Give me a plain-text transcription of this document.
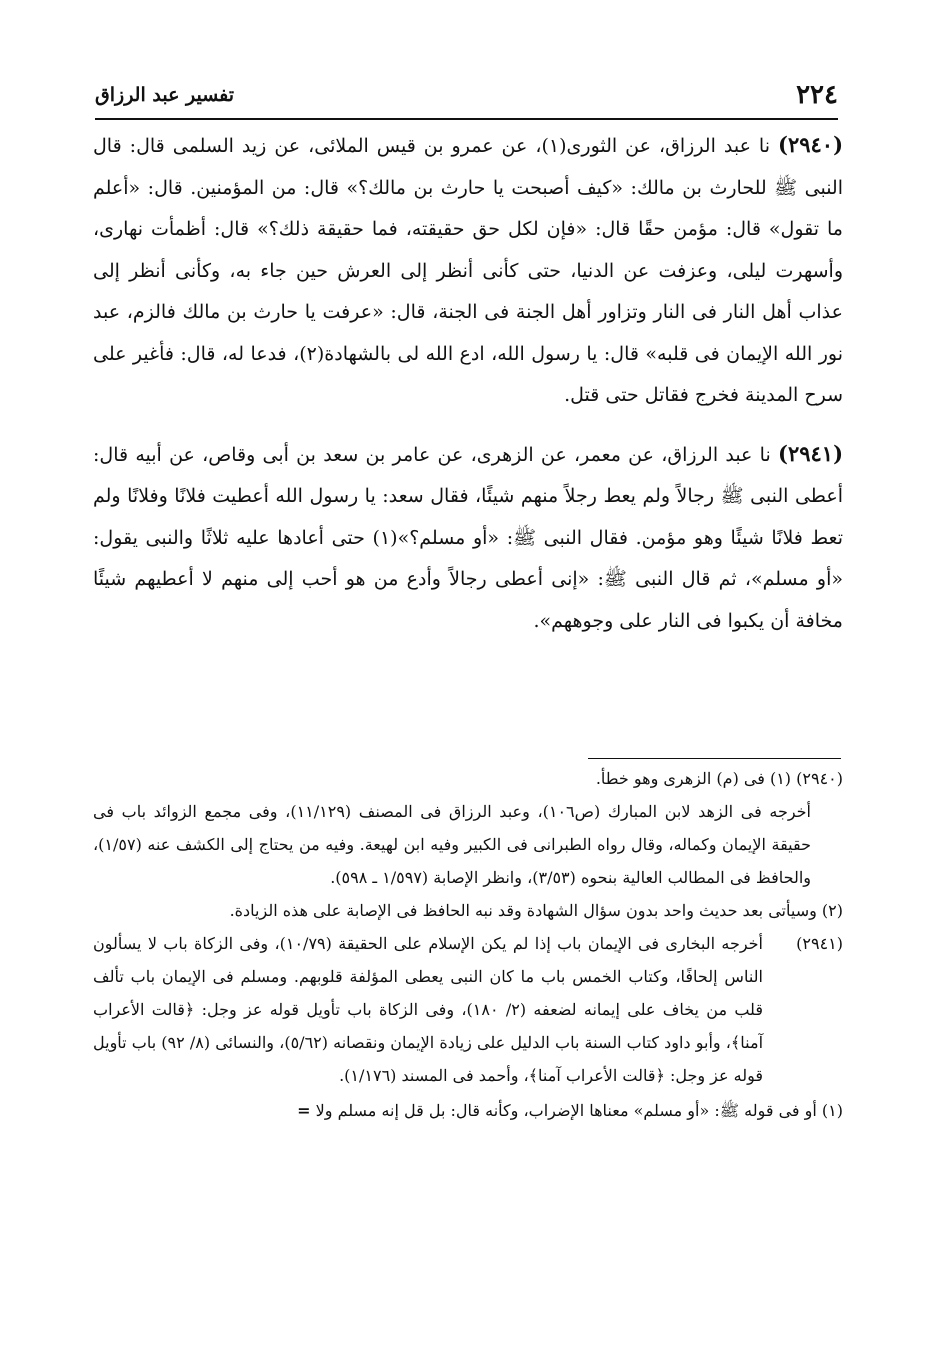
٢٢٤
تفسير عبد الرزاق

(٢٩٤٠) نا عبد الرزاق، عن الثورى(١)، عن عمرو بن قيس الملائى، عن زيد السلمى قال: قال النبى ﷺ للحارث بن مالك: «كيف أصبحت يا حارث بن مالك؟» قال: من المؤمنين. قال: «أعلم ما تقول» قال: مؤمن حقًا قال: «فإن لكل حق حقيقته، فما حقيقة ذلك؟» قال: أظمأت نهارى، وأسهرت ليلى، وعزفت عن الدنيا، حتى كأنى أنظر إلى العرش حين جاء به، وكأنى أنظر إلى عذاب أهل النار فى النار وتزاور أهل الجنة فى الجنة، قال: «عرفت يا حارث بن مالك فالزم، عبد نور الله الإيمان فى قلبه» قال: يا رسول الله، ادع الله لى بالشهادة(٢)، فدعا له، قال: فأغير على سرح المدينة فخرج فقاتل حتى قتل.

(٢٩٤١) نا عبد الرزاق، عن معمر، عن الزهرى، عن عامر بن سعد بن أبى وقاص، عن أبيه قال: أعطى النبى ﷺ رجالاً ولم يعط رجلاً منهم شيئًا، فقال سعد: يا رسول الله أعطيت فلانًا وفلانًا ولم تعط فلانًا شيئًا وهو مؤمن. فقال النبى ﷺ: «أو مسلم؟»(١) حتى أعادها عليه ثلاثًا والنبى يقول: «أو مسلم»، ثم قال النبى ﷺ: «إنى أعطى رجالاً وأدع من هو أحب إلى منهم لا أعطيهم شيئًا مخافة أن يكبوا فى النار على وجوههم».

(٢٩٤٠) (١) فى (م) الزهرى وهو خطأ.

أخرجه فى الزهد لابن المبارك (ص١٠٦)، وعبد الرزاق فى المصنف (١١/١٢٩)، وفى مجمع الزوائد باب فى حقيقة الإيمان وكماله، وقال رواه الطبرانى فى الكبير وفيه ابن لهيعة. وفيه من يحتاج إلى الكشف عنه (١/٥٧)، والحافظ فى المطالب العالية بنحوه (٣/٥٣)، وانظر الإصابة (١/٥٩٧ ـ ٥٩٨).

(٢) وسيأتى بعد حديث واحد بدون سؤال الشهادة وقد نبه الحافظ فى الإصابة على هذه الزيادة.

(٢٩٤١)
أخرجه البخارى فى الإيمان باب إذا لم يكن الإسلام على الحقيقة (١٠/٧٩)، وفى الزكاة باب لا يسألون الناس إلحافًا، وكتاب الخمس باب ما كان النبى يعطى المؤلفة قلوبهم. ومسلم فى الإيمان باب تألف قلب من يخاف على إيمانه لضعفه (٢/ ١٨٠)، وفى الزكاة باب تأويل قوله عز وجل: ﴿قالت الأعراب آمنا﴾، وأبو داود كتاب السنة باب الدليل على زيادة الإيمان ونقصانه (٥/٦٢)، والنسائى (٨/ ٩٢) باب تأويل قوله عز وجل: ﴿قالت الأعراب آمنا﴾، وأحمد فى المسند (١/١٧٦).

(١) أو فى قوله ﷺ: «أو مسلم» معناها الإضراب، وكأنه قال: بل قل إنه مسلم ولا =
